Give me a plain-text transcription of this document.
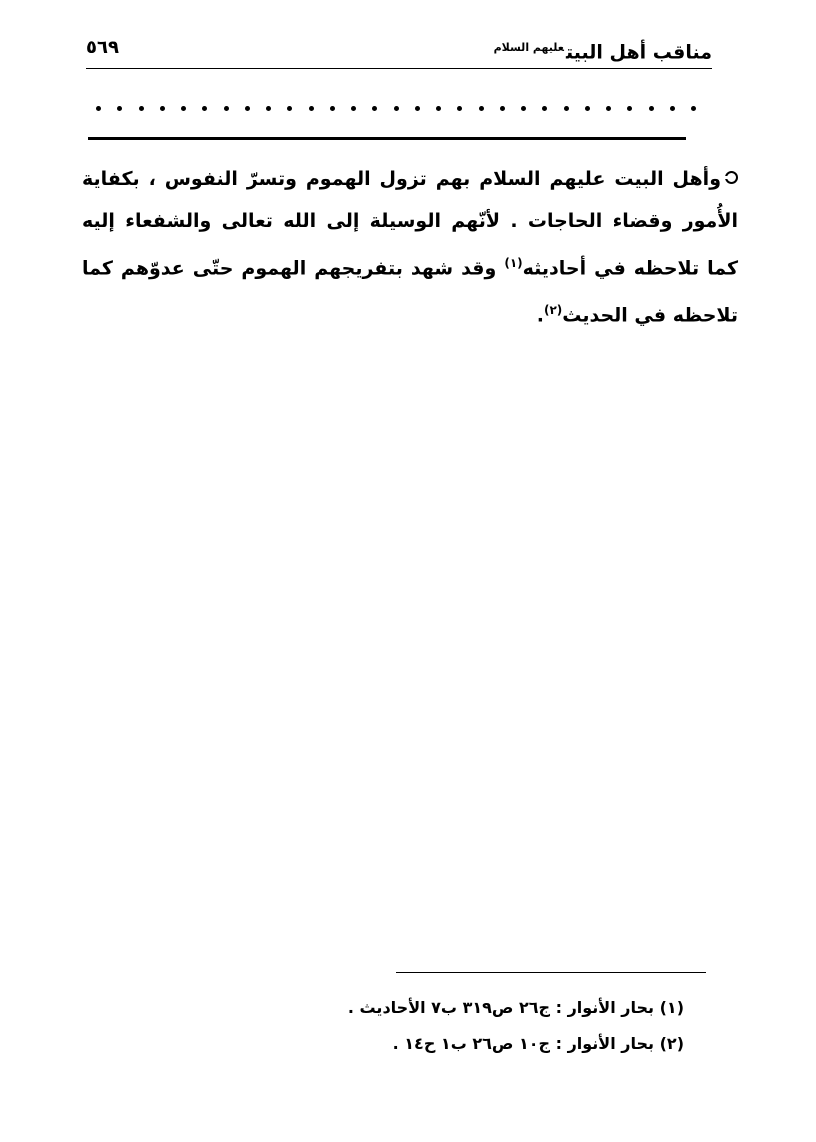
مناقب أهل البيت$^{عليهم السلام}$
٥٦٩

وأهل البيت عليهم السلام بهم تزول الهموم وتسرّ النفوس ، بكفاية الأُمور وقضاء الحاجات . لأنّهم الوسيلة إلى الله تعالى والشفعاء إليه كما تلاحظه في أحاديثه$^{(١)}$ وقد شهد بتفريجهم الهموم حتّى عدوّهم كما تلاحظه في الحديث$^{(٢)}$.

(١) بحار الأنوار : ج٢٦ ص٣١٩ ب٧ الأحاديث .

(٢) بحار الأنوار : ج١٠ ص٢٦ ب١ ح١٤ .
